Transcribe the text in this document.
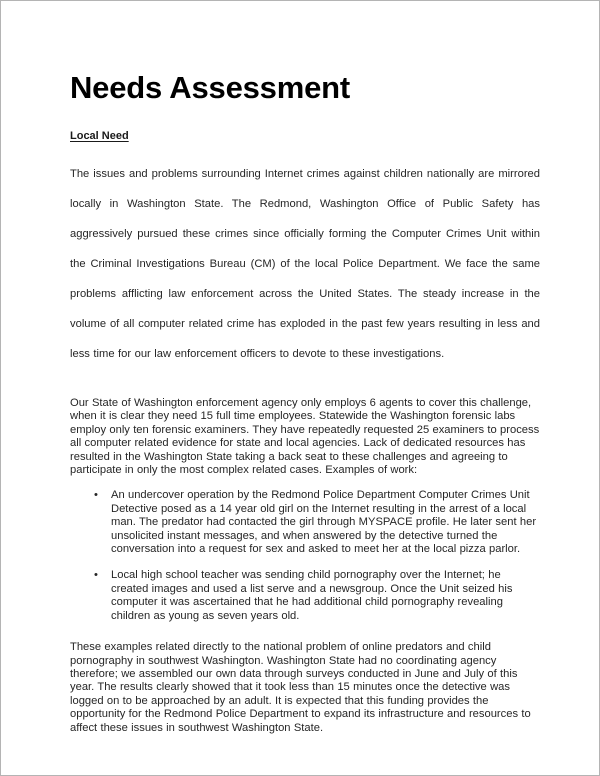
Needs Assessment
Local Need

The issues and problems surrounding Internet crimes against children nationally are mirrored locally in Washington State. The Redmond, Washington Office of Public Safety has aggressively pursued these crimes since officially forming the Computer Crimes Unit within the Criminal Investigations Bureau (CM) of the local Police Department. We face the same problems afflicting law enforcement across the United States. The steady increase in the volume of all computer related crime has exploded in the past few years resulting in less and less time for our law enforcement officers to devote to these investigations.

Our State of Washington enforcement agency only employs 6 agents to cover this challenge, when it is clear they need 15 full time employees. Statewide the Washington forensic labs employ only ten forensic examiners. They have repeatedly requested 25 examiners to process all computer related evidence for state and local agencies. Lack of dedicated resources has resulted in the Washington State taking a back seat to these challenges and agreeing to participate in only the most complex related cases. Examples of work:

• An undercover operation by the Redmond Police Department Computer Crimes Unit Detective posed as a 14 year old girl on the Internet resulting in the arrest of a local man. The predator had contacted the girl through MYSPACE profile. He later sent her unsolicited instant messages, and when answered by the detective turned the conversation into a request for sex and asked to meet her at the local pizza parlor.
• Local high school teacher was sending child pornography over the Internet; he created images and used a list serve and a newsgroup. Once the Unit seized his computer it was ascertained that he had additional child pornography revealing children as young as seven years old.

These examples related directly to the national problem of online predators and child pornography in southwest Washington. Washington State had no coordinating agency therefore; we assembled our own data through surveys conducted in June and July of this year. The results clearly showed that it took less than 15 minutes once the detective was logged on to be approached by an adult. It is expected that this funding provides the opportunity for the Redmond Police Department to expand its infrastructure and resources to affect these issues in southwest Washington State.
